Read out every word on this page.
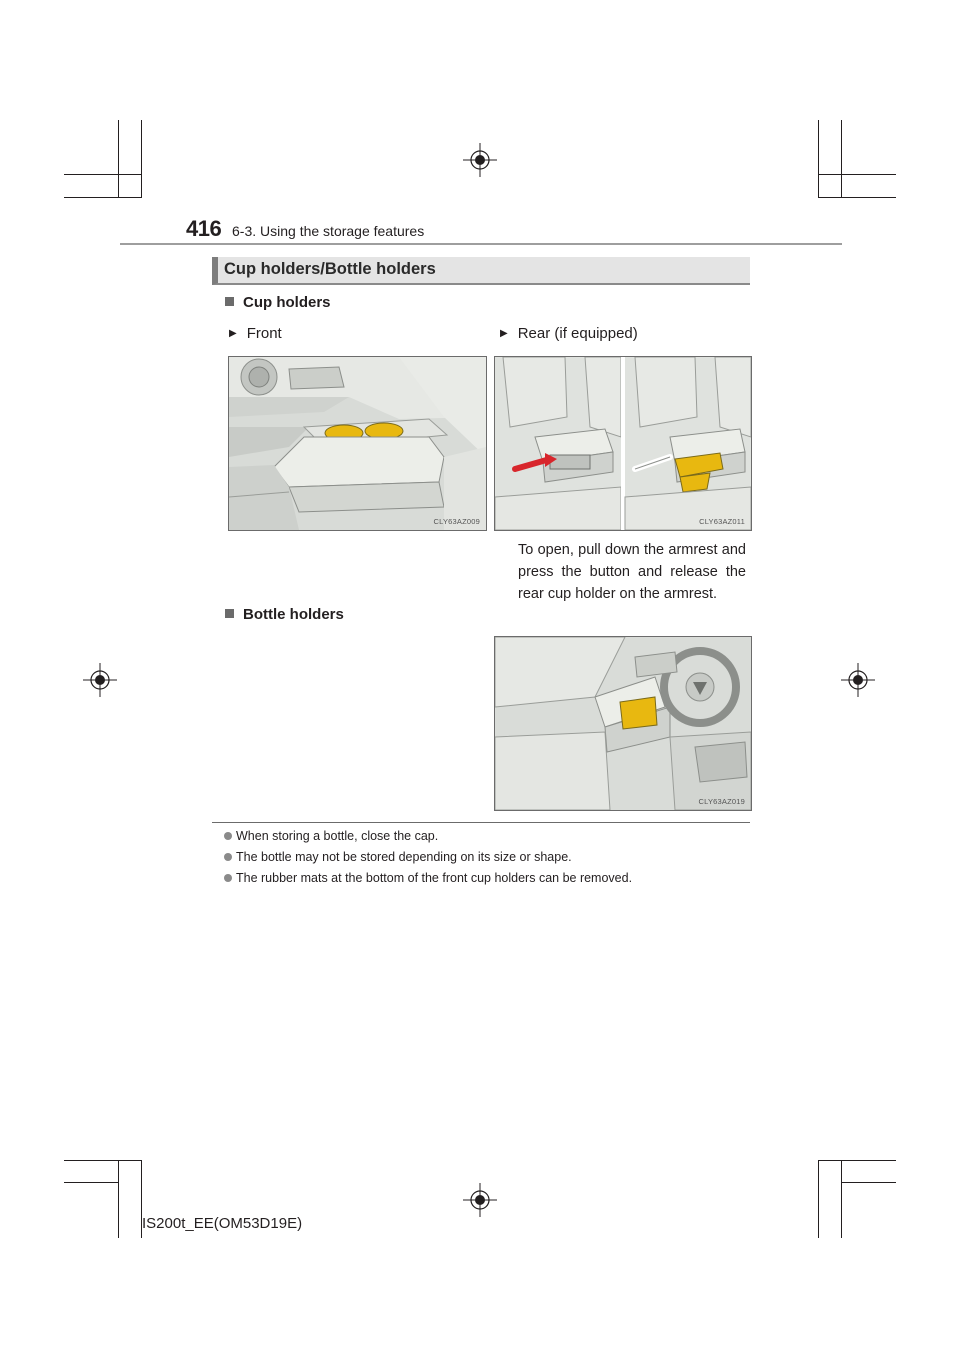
416 6-3. Using the storage features
Cup holders/Bottle holders
Cup holders
▶ Front	▶ Rear (if equipped)
CLY63AZ009	CLY63AZ011
To open, pull down the armrest and press the button and release the rear cup holder on the armrest.
Bottle holders
CLY63AZ019
When storing a bottle, close the cap.
The bottle may not be stored depending on its size or shape.
The rubber mats at the bottom of the front cup holders can be removed.
IS200t_EE(OM53D19E)
